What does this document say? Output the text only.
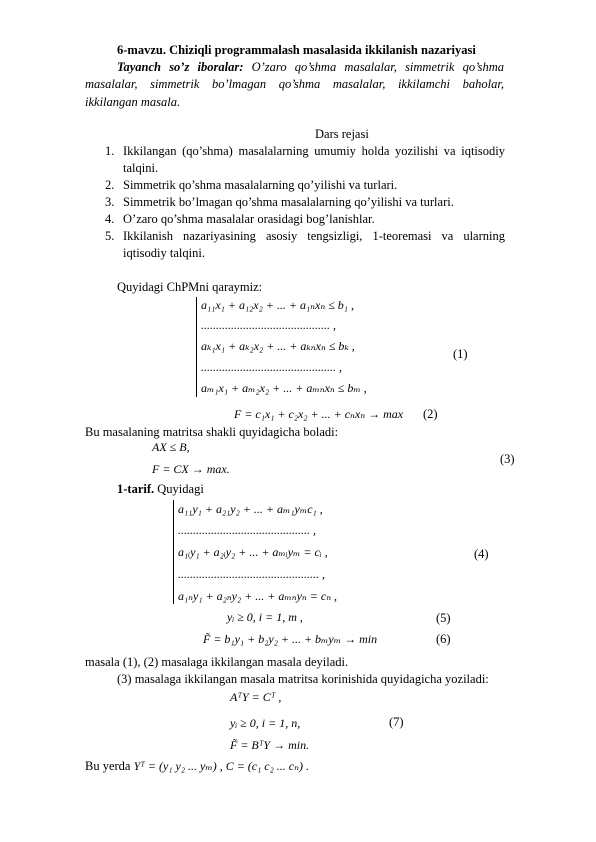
6-mavzu. Chiziqli programmalash masalasida ikkilanish nazariyasi
Tayanch so’z iboralar: O’zaro qo’shma masalalar, simmetrik qo’shma
masalalar, simmetrik bo’lmagan qo’shma masalalar, ikkilamchi baholar,
ikkilangan masala.
Dars rejasi
1. Ikkilangan (qo’shma) masalalarning umumiy holda yozilishi va iqtisodiy
talqini.
2. Simmetrik qo’shma masalalarning qo’yilishi va turlari.
3. Simmetrik bo’lmagan qo’shma masalalarning qo’yilishi va turlari.
4. O’zaro qo’shma masalalar orasidagi bog’lanishlar.
5. Ikkilanish nazariyasining asosiy tengsizligi, 1-teoremasi va ularning
iqtisodiy talqini.
Quyidagi ChPMni qaraymiz:
a₁₁x₁ + a₁₂x₂ + ... + a₁ₙxₙ ≤ b₁ ,
........................................... ,
aₖ₁x₁ + aₖ₂x₂ + ... + aₖₙxₙ ≤ bₖ ,
............................................. ,
aₘ₁x₁ + aₘ₂x₂ + ... + aₘₙxₙ ≤ bₘ ,
(1)
F = c₁x₁ + c₂x₂ + ... + cₙxₙ → max (2)
Bu masalaning matritsa shakli quyidagicha boladi:
AX ≤ B,
F = CX → max.
(3)
1-tarif. Quyidagi
a₁₁y₁ + a₂₁y₂ + ... + aₘ₁yₘc₁ ,
............................................ ,
a₁ᵢy₁ + a₂ᵢy₂ + ... + aₘᵢyₘ = cᵢ ,
............................................... ,
a₁ₙy₁ + a₂ₙy₂ + ... + aₘₙyₙ = cₙ ,
(4)
yᵢ ≥ 0, i = 1, m ,	(5)
F̃ = b₁y₁ + b₂y₂ + ... + bₘyₘ → min	(6)
masala (1), (2) masalaga ikkilangan masala deyiladi.
(3) masalaga ikkilangan masala matritsa korinishida quyidagicha yoziladi:
AᵀY = Cᵀ ,
yᵢ ≥ 0, i = 1, n,
F̃ = BᵀY → min.
(7)
Bu yerda Yᵀ = (y₁ y₂ ... yₘ) , C = (c₁ c₂ ... cₙ) .
